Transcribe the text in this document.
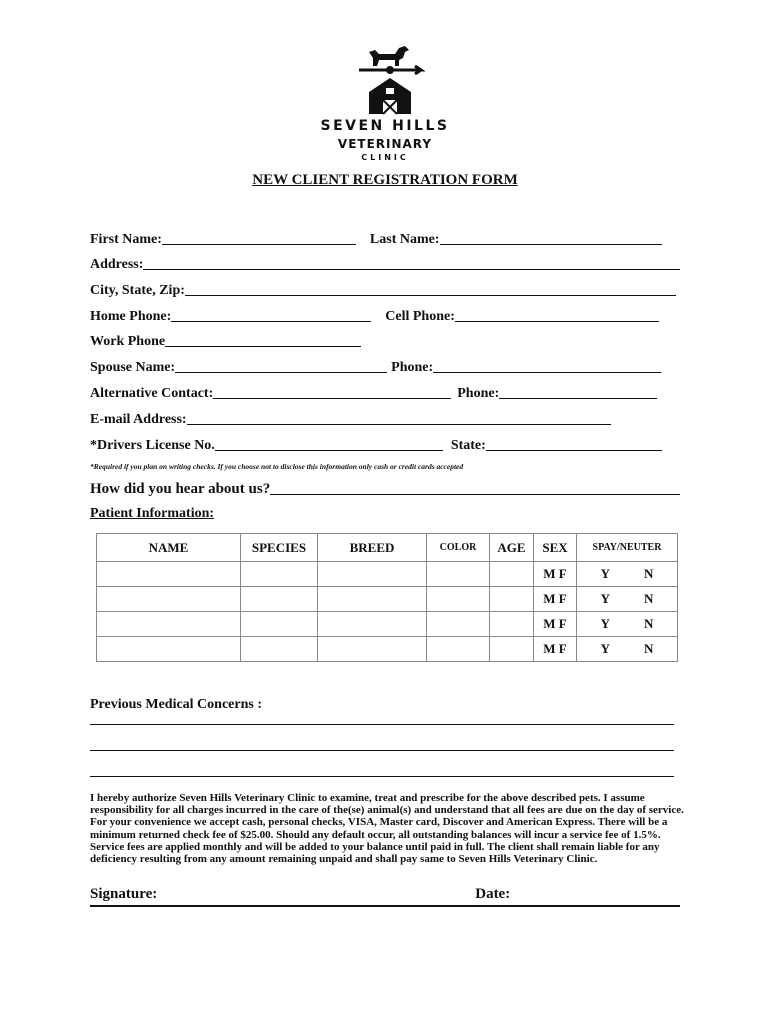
SEVEN HILLS
VETERINARY
CLINIC
NEW CLIENT REGISTRATION FORM
First Name:	Last Name:
Address:
City, State, Zip:
Home Phone:	Cell Phone:
Work Phone
Spouse Name:	Phone:
Alternative Contact:	Phone:
E-mail Address:
*Drivers License No.	State:
*Required if you plan on writing checks. If you choose not to disclose this information only cash or credit cards accepted
How did you hear about us?
Patient Information:
NAME	SPECIES	BREED	COLOR	AGE	SEX	SPAY/NEUTER
					M F	Y N
					M F	Y N
					M F	Y N
					M F	Y N
Previous Medical Concerns :
I hereby authorize Seven Hills Veterinary Clinic to examine, treat and prescribe for the above described pets. I assume responsibility for all charges incurred in the care of the(se) animal(s) and understand that all fees are due on the day of service. For your convenience we accept cash, personal checks, VISA, Master card, Discover and American Express. There will be a minimum returned check fee of $25.00. Should any default occur, all outstanding balances will incur a service fee of 1.5%. Service fees are applied monthly and will be added to your balance until paid in full. The client shall remain liable for any deficiency resulting from any amount remaining unpaid and shall pay same to Seven Hills Veterinary Clinic.
Signature:	Date:
